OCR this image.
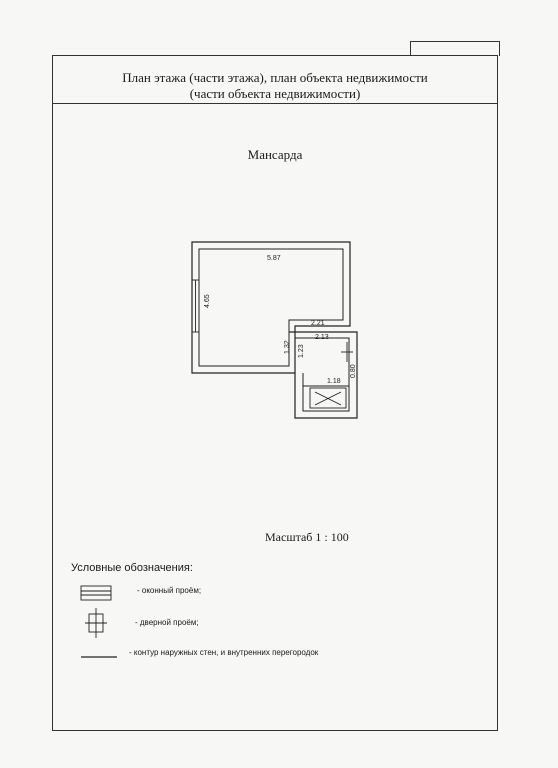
План этажа (части этажа), план объекта недвижимости
(части объекта недвижимости)
Мансарда
5.87
4.65
2.21
2.13
1.32 1.23
1.18
0.80
Масштаб 1 : 100
Условные обозначения:
- оконный проём;
- дверной проём;
- контур наружных стен, и внутренних перегородок
